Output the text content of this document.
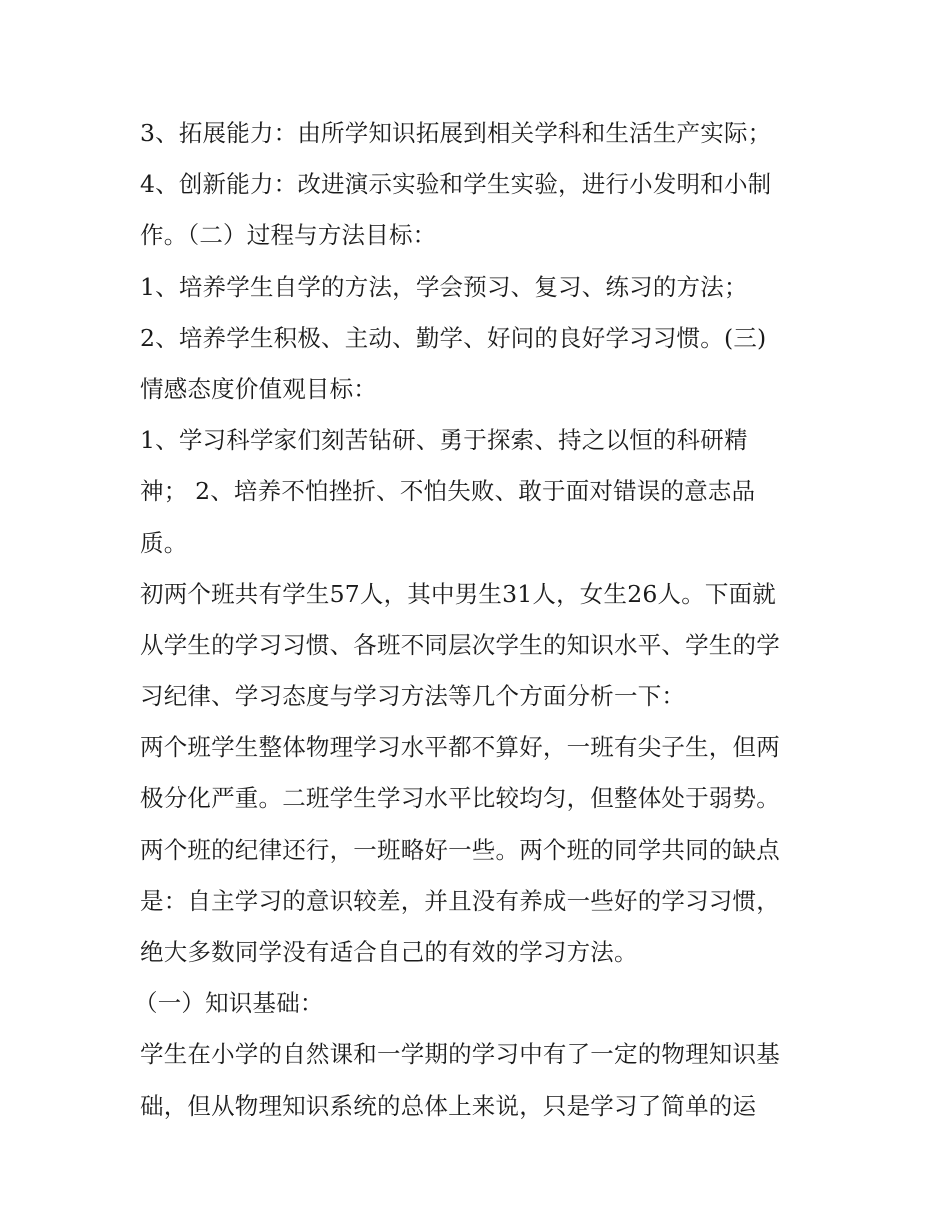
3、拓展能力：由所学知识拓展到相关学科和生活生产实际；
4、创新能力：改进演示实验和学生实验，进行小发明和小制
作。（二）过程与方法目标：
1、培养学生自学的方法，学会预习、复习、练习的方法；
2、培养学生积极、主动、勤学、好问的良好学习习惯。(三)
情感态度价值观目标：
1、学习科学家们刻苦钻研、勇于探索、持之以恒的科研精
神； 2、培养不怕挫折、不怕失败、敢于面对错误的意志品
质。
初两个班共有学生57人，其中男生31人，女生26人。下面就
从学生的学习习惯、各班不同层次学生的知识水平、学生的学
习纪律、学习态度与学习方法等几个方面分析一下：
两个班学生整体物理学习水平都不算好，一班有尖子生，但两
极分化严重。二班学生学习水平比较均匀，但整体处于弱势。
两个班的纪律还行，一班略好一些。两个班的同学共同的缺点
是：自主学习的意识较差，并且没有养成一些好的学习习惯，
绝大多数同学没有适合自己的有效的学习方法。
（一）知识基础：
学生在小学的自然课和一学期的学习中有了一定的物理知识基
础，但从物理知识系统的总体上来说，只是学习了简单的运
